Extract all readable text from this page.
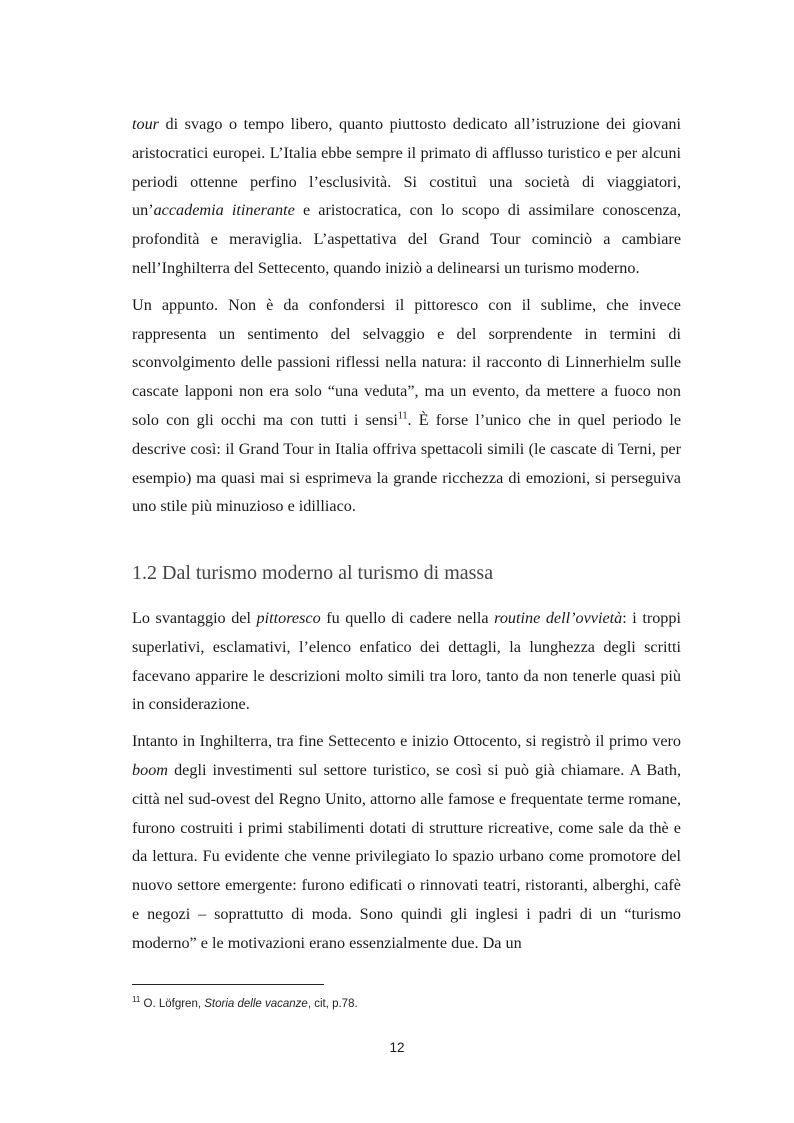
tour di svago o tempo libero, quanto piuttosto dedicato all’istruzione dei giovani aristocratici europei. L’Italia ebbe sempre il primato di afflusso turistico e per alcuni periodi ottenne perfino l’esclusività. Si costituì una società di viaggiatori, un’accademia itinerante e aristocratica, con lo scopo di assimilare conoscenza, profondità e meraviglia. L’aspettativa del Grand Tour cominciò a cambiare nell’Inghilterra del Settecento, quando iniziò a delinearsi un turismo moderno.

Un appunto. Non è da confondersi il pittoresco con il sublime, che invece rappresenta un sentimento del selvaggio e del sorprendente in termini di sconvolgimento delle passioni riflessi nella natura: il racconto di Linnerhielm sulle cascate lapponi non era solo “una veduta”, ma un evento, da mettere a fuoco non solo con gli occhi ma con tutti i sensi$^{11}$. È forse l’unico che in quel periodo le descrive così: il Grand Tour in Italia offriva spettacoli simili (le cascate di Terni, per esempio) ma quasi mai si esprimeva la grande ricchezza di emozioni, si perseguiva uno stile più minuzioso e idilliaco.

1.2 Dal turismo moderno al turismo di massa

Lo svantaggio del pittoresco fu quello di cadere nella routine dell’ovvietà: i troppi superlativi, esclamativi, l’elenco enfatico dei dettagli, la lunghezza degli scritti facevano apparire le descrizioni molto simili tra loro, tanto da non tenerle quasi più in considerazione.

Intanto in Inghilterra, tra fine Settecento e inizio Ottocento, si registrò il primo vero boom degli investimenti sul settore turistico, se così si può già chiamare. A Bath, città nel sud-ovest del Regno Unito, attorno alle famose e frequentate terme romane, furono costruiti i primi stabilimenti dotati di strutture ricreative, come sale da thè e da lettura. Fu evidente che venne privilegiato lo spazio urbano come promotore del nuovo settore emergente: furono edificati o rinnovati teatri, ristoranti, alberghi, cafè e negozi – soprattutto di moda. Sono quindi gli inglesi i padri di un “turismo moderno” e le motivazioni erano essenzialmente due. Da un

$^{11}$ O. Löfgren, Storia delle vacanze, cit, p.78.
12
